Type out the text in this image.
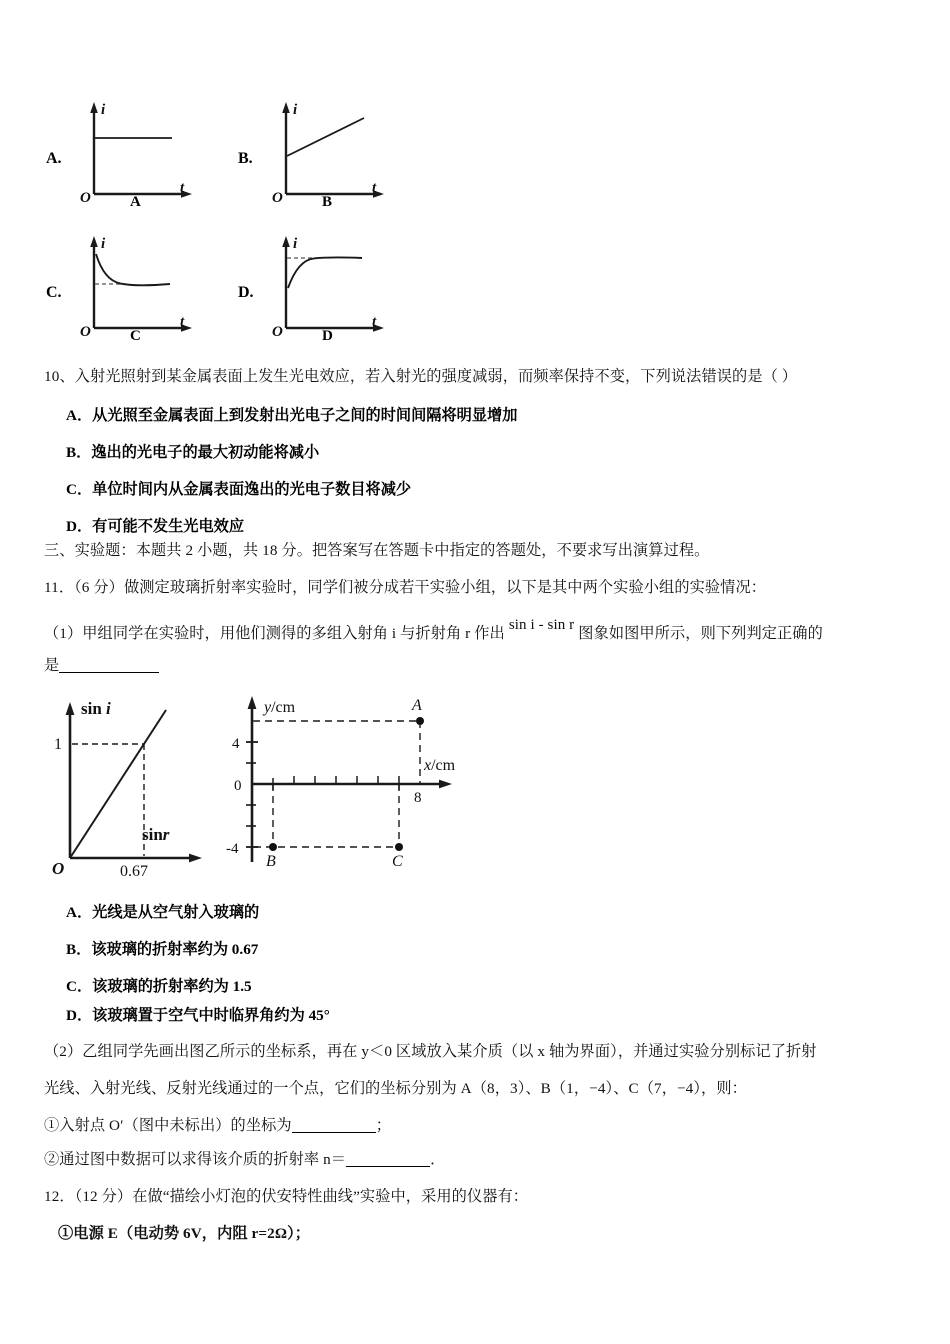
A.
i
t
O	A
B.
i
t
O	B
C.
i
t
O	C
D.
i
t
O	D
10、入射光照射到某金属表面上发生光电效应，若入射光的强度减弱，而频率保持不变，下列说法错误的是（ ）
A．从光照至金属表面上到发射出光电子之间的时间间隔将明显增加
B．逸出的光电子的最大初动能将减小
C．单位时间内从金属表面逸出的光电子数目将减少
D．有可能不发生光电效应
三、实验题：本题共 2 小题，共 18 分。把答案写在答题卡中指定的答题处，不要求写出演算过程。
11．（6 分）做测定玻璃折射率实验时，同学们被分成若干实验小组，以下是其中两个实验小组的实验情况：
（1）甲组同学在实验时，用他们测得的多组入射角 i 与折射角 r 作出 sin i - sin r 图象如图甲所示，则下列判定正确的
是
sin i
sinr
1
O	0.67
A
B	C
y/cm
x/cm
4
0
-4
8
A．光线是从空气射入玻璃的
B．该玻璃的折射率约为 0.67
C．该玻璃的折射率约为 1.5
D．该玻璃置于空气中时临界角约为 45°
（2）乙组同学先画出图乙所示的坐标系，再在 y＜0 区域放入某介质（以 x 轴为界面），并通过实验分别标记了折射
光线、入射光线、反射光线通过的一个点，它们的坐标分别为 A（8，3）、B（1，−4）、C（7，−4），则：
①入射点 O′（图中未标出）的坐标为	；
②通过图中数据可以求得该介质的折射率 n＝	．
12．（12 分）在做“描绘小灯泡的伏安特性曲线”实验中，采用的仪器有：
①电源 E（电动势 6V，内阻 r=2Ω）；
